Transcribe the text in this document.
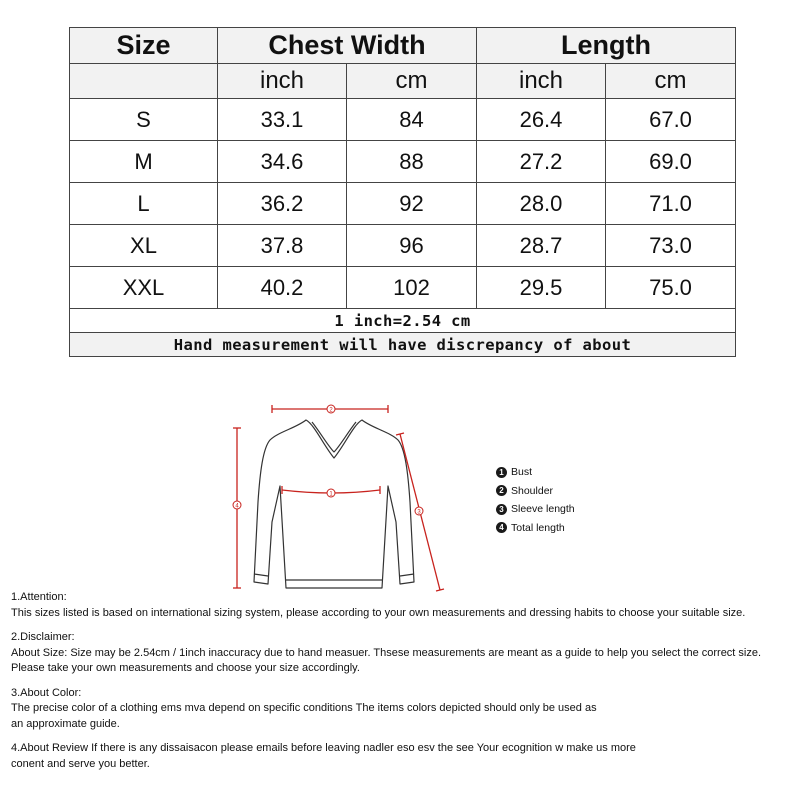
Size	Chest Width		Length	
	inch	cm	inch	cm
S	33.1	84	26.4	67.0
M	34.6	88	27.2	69.0
L	36.2	92	28.0	71.0
XL	37.8	96	28.7	73.0
XXL	40.2	102	29.5	75.0
1 inch=2.54 cm				
Hand measurement will have discrepancy of about				
2
1
3
4
1 Bust
2 Shoulder
3 Sleeve length
4 Total length

1.Attention:

This sizes listed is based on international sizing system, please according to your own measurements and dressing habits to choose your suitable size.

2.Disclaimer:

About Size: Size may be 2.54cm / 1inch inaccuracy due to hand measuer. Thsese measurements are meant as a guide to help you select the correct size.

Please take your own measurements and choose your size accordingly.

3.About Color:

The precise color of a clothing ems mva depend on specific conditions The items colors depicted should only be used as

an approximate guide.

4.About Review If there is any dissaisacon please emails before leaving nadler eso esv the see Your ecognition w make us more

conent and serve you better.
